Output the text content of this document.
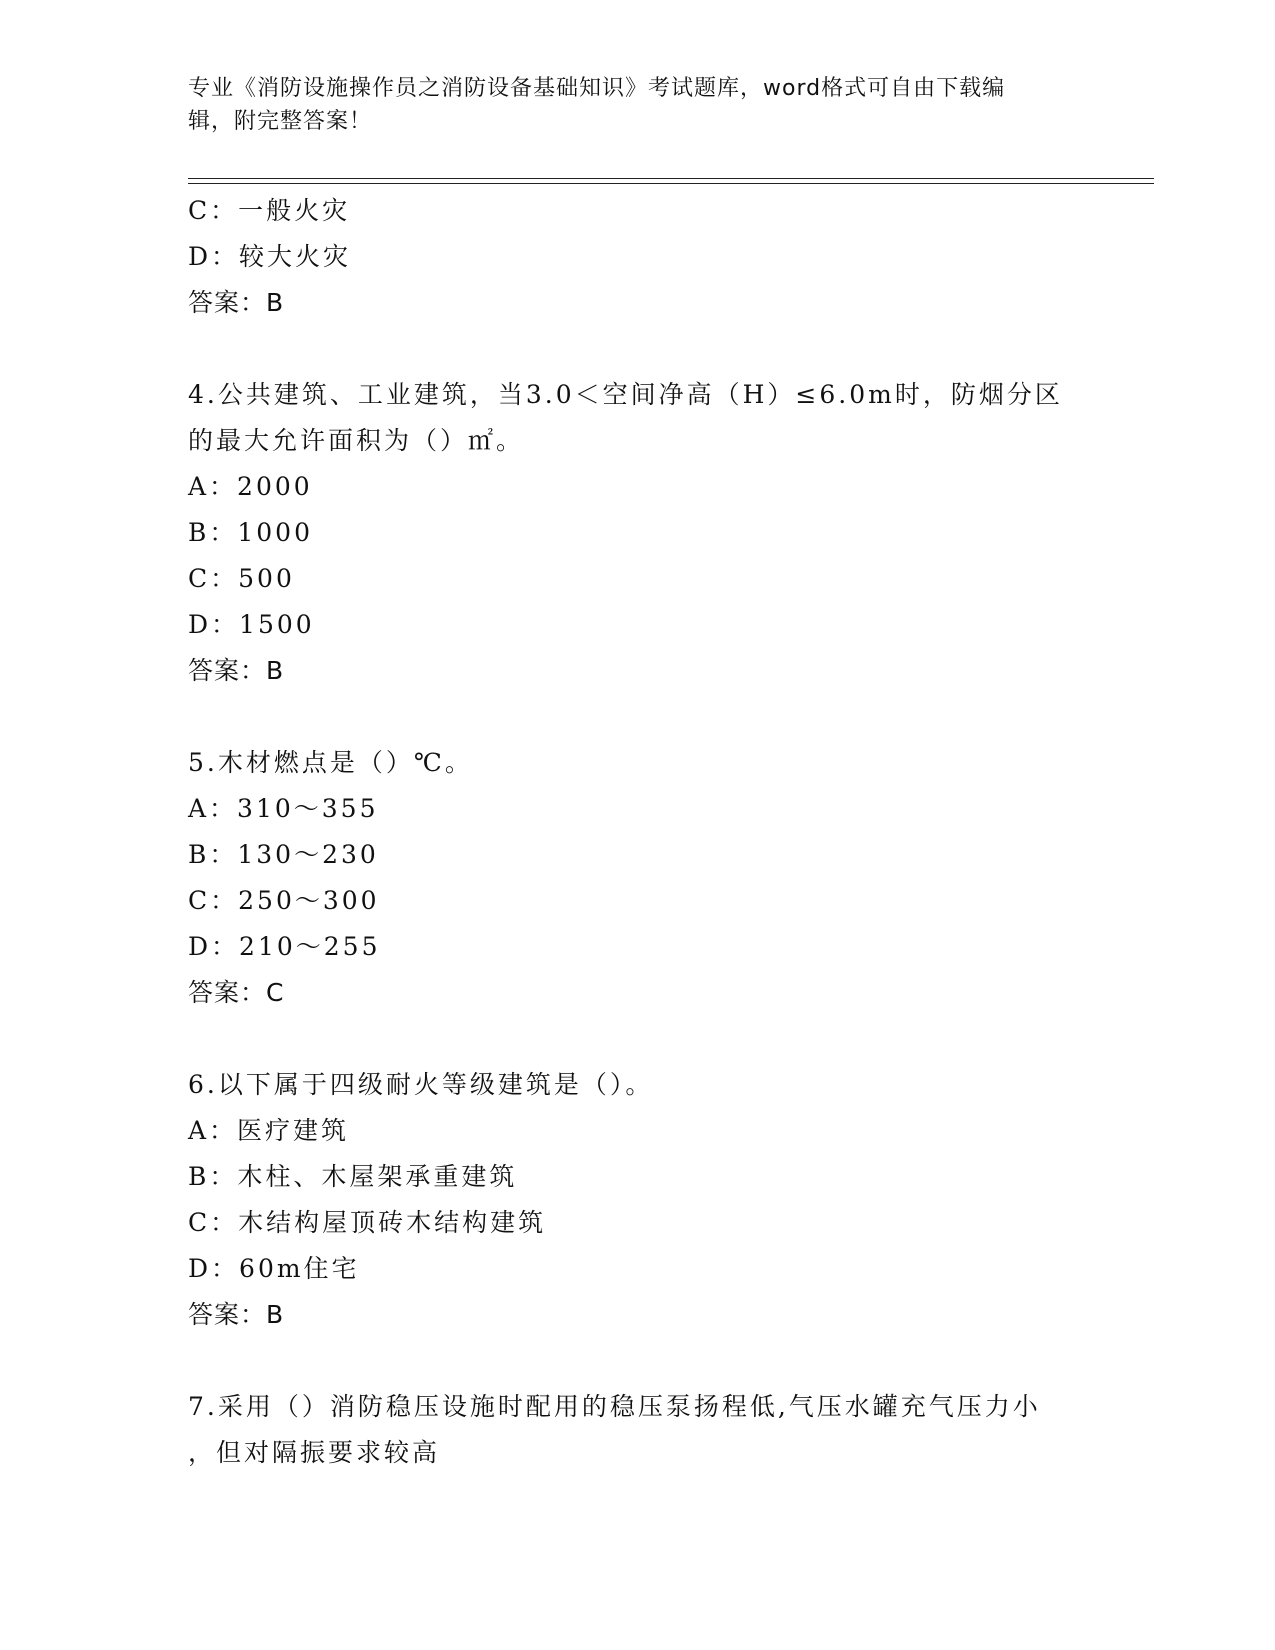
专业《消防设施操作员之消防设备基础知识》考试题库，word格式可自由下载编
辑，附完整答案！
C：一般火灾
D：较大火灾
答案：B
4.公共建筑、工业建筑，当3.0＜空间净高（H）≤6.0m时，防烟分区
的最大允许面积为（）㎡。
A：2000
B：1000
C：500
D：1500
答案：B
5.木材燃点是（）℃。
A：310～355
B：130～230
C：250～300
D：210～255
答案：C
6.以下属于四级耐火等级建筑是（）。
A：医疗建筑
B：木柱、木屋架承重建筑
C：木结构屋顶砖木结构建筑
D：60m住宅
答案：B
7.采用（）消防稳压设施时配用的稳压泵扬程低,气压水罐充气压力小
，但对隔振要求较高
